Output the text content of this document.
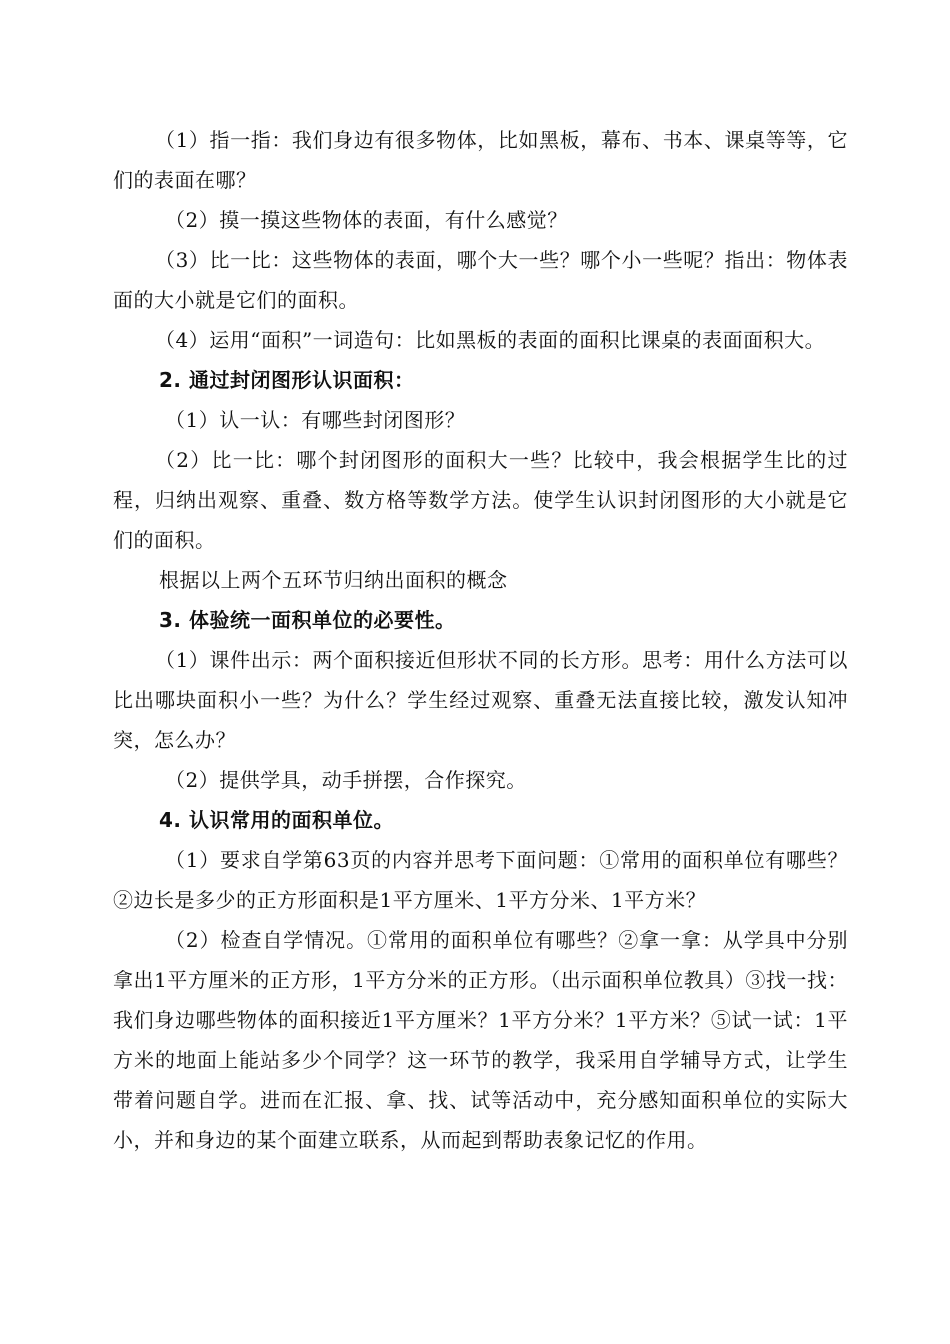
（1）指一指：我们身边有很多物体，比如黑板，幕布、书本、课桌等等，它们的表面在哪？

（2）摸一摸这些物体的表面，有什么感觉？

（3）比一比：这些物体的表面，哪个大一些？哪个小一些呢？指出：物体表面的大小就是它们的面积。

（4）运用“面积”一词造句：比如黑板的表面的面积比课桌的表面面积大。

2. 通过封闭图形认识面积：

（1）认一认：有哪些封闭图形？

（2）比一比：哪个封闭图形的面积大一些？比较中，我会根据学生比的过程，归纳出观察、重叠、数方格等数学方法。使学生认识封闭图形的大小就是它们的面积。

根据以上两个五环节归纳出面积的概念

3. 体验统一面积单位的必要性。

（1）课件出示：两个面积接近但形状不同的长方形。思考：用什么方法可以比出哪块面积小一些？为什么？学生经过观察、重叠无法直接比较，激发认知冲突，怎么办？

（2）提供学具，动手拼摆，合作探究。

4. 认识常用的面积单位。

（1）要求自学第63页的内容并思考下面问题：①常用的面积单位有哪些？②边长是多少的正方形面积是1平方厘米、1平方分米、1平方米？

（2）检查自学情况。①常用的面积单位有哪些？②拿一拿：从学具中分别拿出1平方厘米的正方形，1平方分米的正方形。（出示面积单位教具）③找一找：我们身边哪些物体的面积接近1平方厘米？1平方分米？1平方米？⑤试一试：1平方米的地面上能站多少个同学？这一环节的教学，我采用自学辅导方式，让学生带着问题自学。进而在汇报、拿、找、试等活动中，充分感知面积单位的实际大小，并和身边的某个面建立联系，从而起到帮助表象记忆的作用。
